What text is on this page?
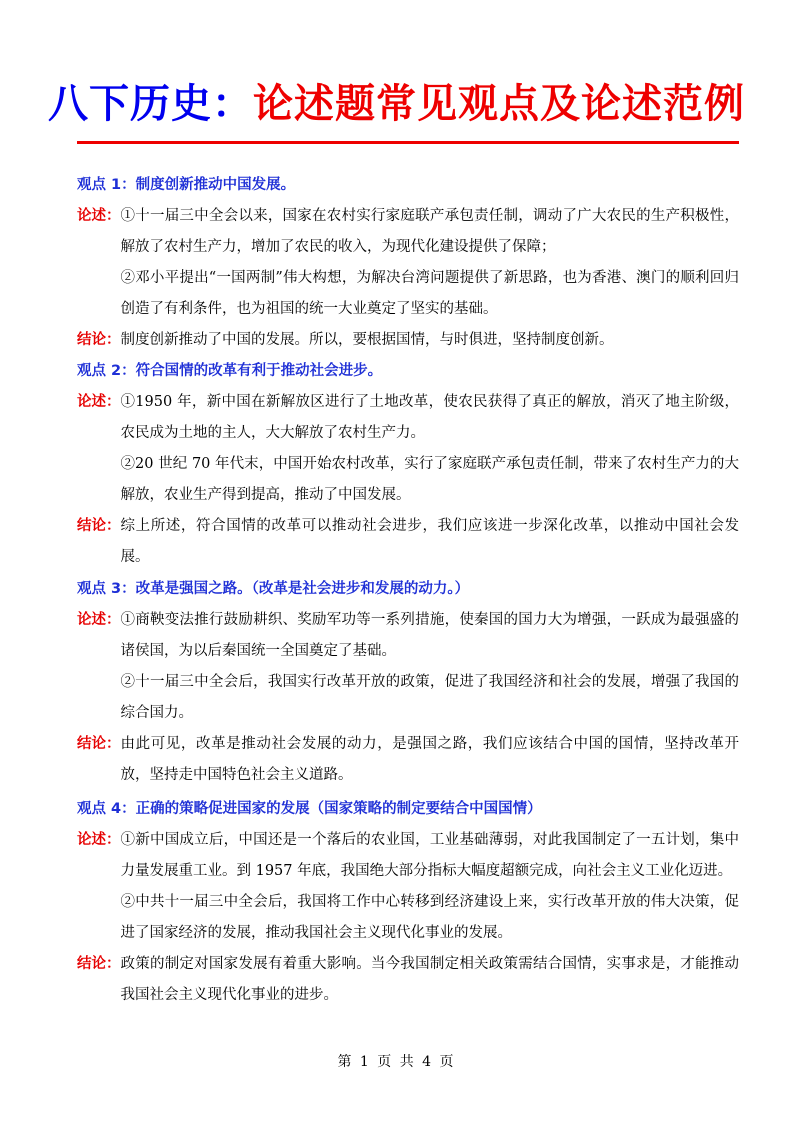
八下历史：论述题常见观点及论述范例
观点 1：制度创新推动中国发展。
论述： ①十一届三中全会以来，国家在农村实行家庭联产承包责任制，调动了广大农民的生产积极性，解放了农村生产力，增加了农民的收入，为现代化建设提供了保障；
②邓小平提出“一国两制”伟大构想，为解决台湾问题提供了新思路，也为香港、澳门的顺利回归创造了有利条件，也为祖国的统一大业奠定了坚实的基础。
结论： 制度创新推动了中国的发展。所以，要根据国情，与时俱进，坚持制度创新。
观点 2：符合国情的改革有利于推动社会进步。
论述： ①1950 年，新中国在新解放区进行了土地改革，使农民获得了真正的解放，消灭了地主阶级，农民成为土地的主人，大大解放了农村生产力。
②20 世纪 70 年代末，中国开始农村改革，实行了家庭联产承包责任制，带来了农村生产力的大解放，农业生产得到提高，推动了中国发展。
结论： 综上所述，符合国情的改革可以推动社会进步，我们应该进一步深化改革，以推动中国社会发展。
观点 3：改革是强国之路。（改革是社会进步和发展的动力。）
论述： ①商鞅变法推行鼓励耕织、奖励军功等一系列措施，使秦国的国力大为增强，一跃成为最强盛的诸侯国，为以后秦国统一全国奠定了基础。
②十一届三中全会后，我国实行改革开放的政策，促进了我国经济和社会的发展，增强了我国的综合国力。
结论： 由此可见，改革是推动社会发展的动力，是强国之路，我们应该结合中国的国情，坚持改革开放，坚持走中国特色社会主义道路。
观点 4：正确的策略促进国家的发展（国家策略的制定要结合中国国情）
论述： ①新中国成立后，中国还是一个落后的农业国，工业基础薄弱，对此我国制定了一五计划，集中力量发展重工业。到 1957 年底，我国绝大部分指标大幅度超额完成，向社会主义工业化迈进。
②中共十一届三中全会后，我国将工作中心转移到经济建设上来，实行改革开放的伟大决策，促进了国家经济的发展，推动我国社会主义现代化事业的发展。
结论： 政策的制定对国家发展有着重大影响。当今我国制定相关政策需结合国情，实事求是，才能推动我国社会主义现代化事业的进步。
第 1 页 共 4 页
